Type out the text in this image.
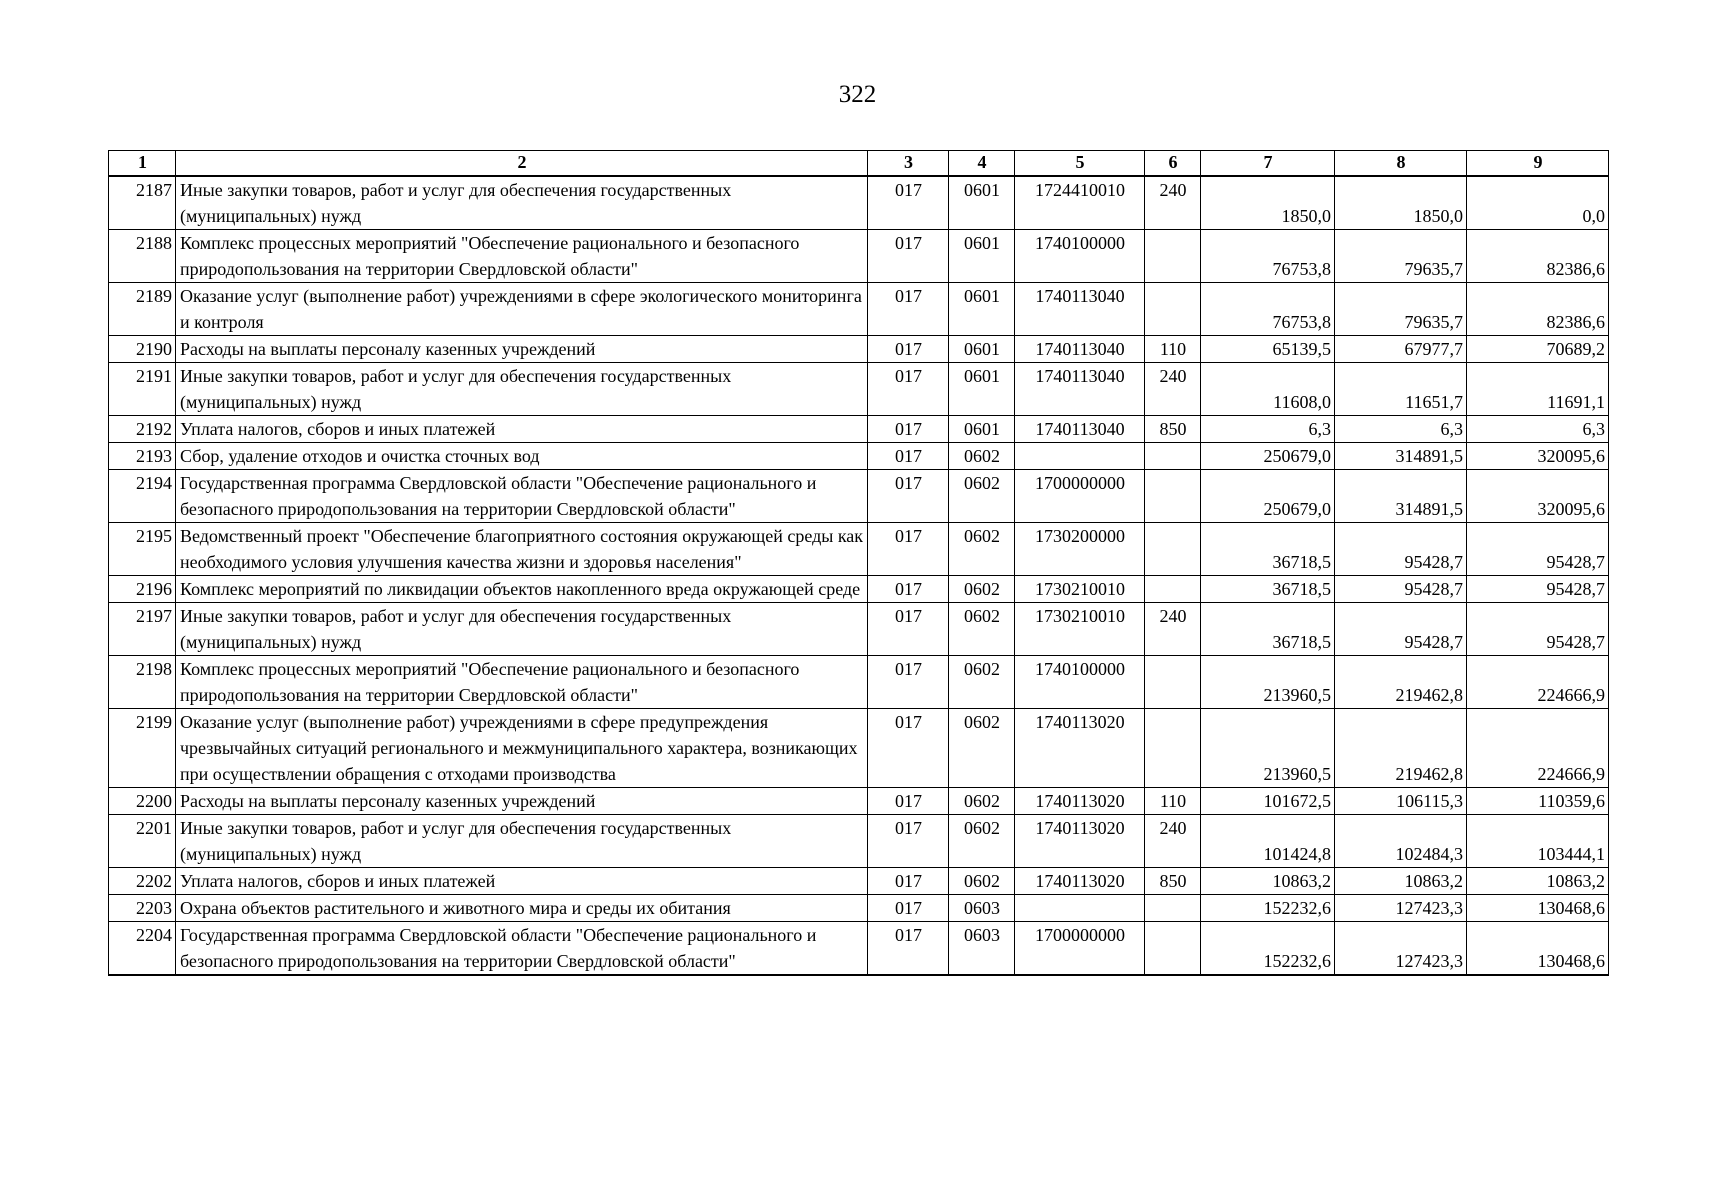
322
1	2	3	4	5	6	7	8	9
2187	Иные закупки товаров, работ и услуг для обеспечения государственных (муниципальных) нужд	017	0601	1724410010	240	1850,0	1850,0	0,0
2188	Комплекс процессных мероприятий "Обеспечение рационального и безопасного природопользования на территории Свердловской области"	017	0601	1740100000		76753,8	79635,7	82386,6
2189	Оказание услуг (выполнение работ) учреждениями в сфере экологического мониторинга и контроля	017	0601	1740113040		76753,8	79635,7	82386,6
2190	Расходы на выплаты персоналу казенных учреждений	017	0601	1740113040	110	65139,5	67977,7	70689,2
2191	Иные закупки товаров, работ и услуг для обеспечения государственных (муниципальных) нужд	017	0601	1740113040	240	11608,0	11651,7	11691,1
2192	Уплата налогов, сборов и иных платежей	017	0601	1740113040	850	6,3	6,3	6,3
2193	Сбор, удаление отходов и очистка сточных вод	017	0602			250679,0	314891,5	320095,6
2194	Государственная программа Свердловской области "Обеспечение рационального и безопасного природопользования на территории Свердловской области"	017	0602	1700000000		250679,0	314891,5	320095,6
2195	Ведомственный проект "Обеспечение благоприятного состояния окружающей среды как необходимого условия улучшения качества жизни и здоровья населения"	017	0602	1730200000		36718,5	95428,7	95428,7
2196	Комплекс мероприятий по ликвидации объектов накопленного вреда окружающей среде	017	0602	1730210010		36718,5	95428,7	95428,7
2197	Иные закупки товаров, работ и услуг для обеспечения государственных (муниципальных) нужд	017	0602	1730210010	240	36718,5	95428,7	95428,7
2198	Комплекс процессных мероприятий "Обеспечение рационального и безопасного природопользования на территории Свердловской области"	017	0602	1740100000		213960,5	219462,8	224666,9
2199	Оказание услуг (выполнение работ) учреждениями в сфере предупреждения чрезвычайных ситуаций регионального и межмуниципального характера, возникающих при осуществлении обращения с отходами производства	017	0602	1740113020		213960,5	219462,8	224666,9
2200	Расходы на выплаты персоналу казенных учреждений	017	0602	1740113020	110	101672,5	106115,3	110359,6
2201	Иные закупки товаров, работ и услуг для обеспечения государственных (муниципальных) нужд	017	0602	1740113020	240	101424,8	102484,3	103444,1
2202	Уплата налогов, сборов и иных платежей	017	0602	1740113020	850	10863,2	10863,2	10863,2
2203	Охрана объектов растительного и животного мира и среды их обитания	017	0603			152232,6	127423,3	130468,6
2204	Государственная программа Свердловской области "Обеспечение рационального и безопасного природопользования на территории Свердловской области"	017	0603	1700000000		152232,6	127423,3	130468,6
